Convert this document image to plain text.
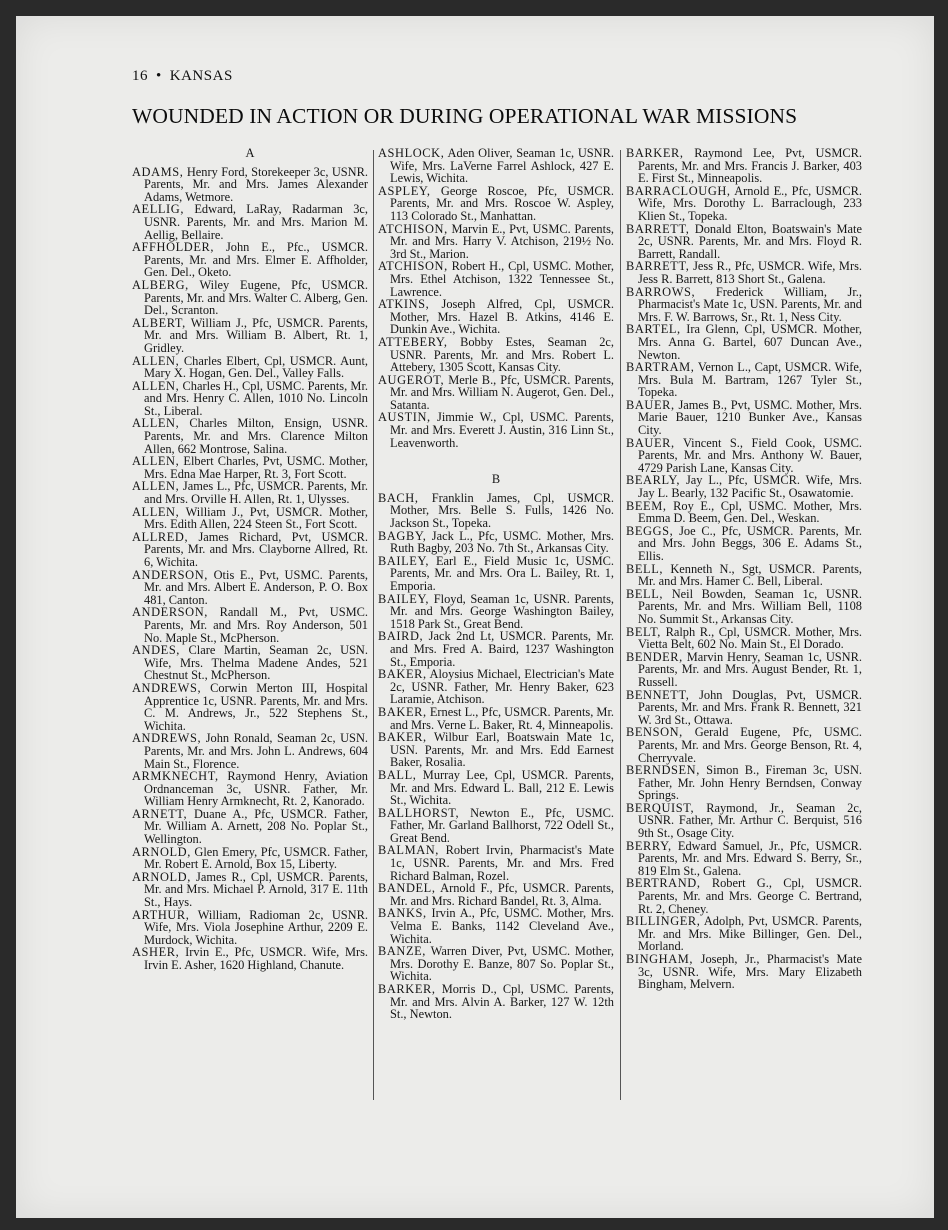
16 • KANSAS
WOUNDED IN ACTION OR DURING OPERATIONAL WAR MISSIONS
A

ADAMS, Henry Ford, Storekeeper 3c, USNR. Parents, Mr. and Mrs. James Alexander Adams, Wetmore.

AELLIG, Edward, LaRay, Radarman 3c, USNR. Parents, Mr. and Mrs. Marion M. Aellig, Bellaire.

AFFHOLDER, John E., Pfc., USMCR. Parents, Mr. and Mrs. Elmer E. Affholder, Gen. Del., Oketo.

ALBERG, Wiley Eugene, Pfc, USMCR. Parents, Mr. and Mrs. Walter C. Alberg, Gen. Del., Scranton.

ALBERT, William J., Pfc, USMCR. Parents, Mr. and Mrs. William B. Albert, Rt. 1, Gridley.

ALLEN, Charles Elbert, Cpl, USMCR. Aunt, Mary X. Hogan, Gen. Del., Valley Falls.

ALLEN, Charles H., Cpl, USMC. Parents, Mr. and Mrs. Henry C. Allen, 1010 No. Lincoln St., Liberal.

ALLEN, Charles Milton, Ensign, USNR. Parents, Mr. and Mrs. Clarence Milton Allen, 662 Montrose, Salina.

ALLEN, Elbert Charles, Pvt, USMC. Mother, Mrs. Edna Mae Harper, Rt. 3, Fort Scott.

ALLEN, James L., Pfc, USMCR. Parents, Mr. and Mrs. Orville H. Allen, Rt. 1, Ulysses.

ALLEN, William J., Pvt, USMCR. Mother, Mrs. Edith Allen, 224 Steen St., Fort Scott.

ALLRED, James Richard, Pvt, USMCR. Parents, Mr. and Mrs. Clayborne Allred, Rt. 6, Wichita.

ANDERSON, Otis E., Pvt, USMC. Parents, Mr. and Mrs. Albert E. Anderson, P. O. Box 481, Canton.

ANDERSON, Randall M., Pvt, USMC. Parents, Mr. and Mrs. Roy Anderson, 501 No. Maple St., McPherson.

ANDES, Clare Martin, Seaman 2c, USN. Wife, Mrs. Thelma Madene Andes, 521 Chestnut St., McPherson.

ANDREWS, Corwin Merton III, Hospital Apprentice 1c, USNR. Parents, Mr. and Mrs. C. M. Andrews, Jr., 522 Stephens St., Wichita.

ANDREWS, John Ronald, Seaman 2c, USN. Parents, Mr. and Mrs. John L. Andrews, 604 Main St., Florence.

ARMKNECHT, Raymond Henry, Aviation Ordnanceman 3c, USNR. Father, Mr. William Henry Armknecht, Rt. 2, Kanorado.

ARNETT, Duane A., Pfc, USMCR. Father, Mr. William A. Arnett, 208 No. Poplar St., Wellington.

ARNOLD, Glen Emery, Pfc, USMCR. Father, Mr. Robert E. Arnold, Box 15, Liberty.

ARNOLD, James R., Cpl, USMCR. Parents, Mr. and Mrs. Michael P. Arnold, 317 E. 11th St., Hays.

ARTHUR, William, Radioman 2c, USNR. Wife, Mrs. Viola Josephine Arthur, 2209 E. Murdock, Wichita.

ASHER, Irvin E., Pfc, USMCR. Wife, Mrs. Irvin E. Asher, 1620 Highland, Chanute.

ASHLOCK, Aden Oliver, Seaman 1c, USNR. Wife, Mrs. LaVerne Farrel Ashlock, 427 E. Lewis, Wichita.

ASPLEY, George Roscoe, Pfc, USMCR. Parents, Mr. and Mrs. Roscoe W. Aspley, 113 Colorado St., Manhattan.

ATCHISON, Marvin E., Pvt, USMC. Parents, Mr. and Mrs. Harry V. Atchison, 219½ No. 3rd St., Marion.

ATCHISON, Robert H., Cpl, USMC. Mother, Mrs. Ethel Atchison, 1322 Tennessee St., Lawrence.

ATKINS, Joseph Alfred, Cpl, USMCR. Mother, Mrs. Hazel B. Atkins, 4146 E. Dunkin Ave., Wichita.

ATTEBERY, Bobby Estes, Seaman 2c, USNR. Parents, Mr. and Mrs. Robert L. Attebery, 1305 Scott, Kansas City.

AUGEROT, Merle B., Pfc, USMCR. Parents, Mr. and Mrs. William N. Augerot, Gen. Del., Satanta.

AUSTIN, Jimmie W., Cpl, USMC. Parents, Mr. and Mrs. Everett J. Austin, 316 Linn St., Leavenworth.

B

BACH, Franklin James, Cpl, USMCR. Mother, Mrs. Belle S. Fulls, 1426 No. Jackson St., Topeka.

BAGBY, Jack L., Pfc, USMC. Mother, Mrs. Ruth Bagby, 203 No. 7th St., Arkansas City.

BAILEY, Earl E., Field Music 1c, USMC. Parents, Mr. and Mrs. Ora L. Bailey, Rt. 1, Emporia.

BAILEY, Floyd, Seaman 1c, USNR. Parents, Mr. and Mrs. George Washington Bailey, 1518 Park St., Great Bend.

BAIRD, Jack 2nd Lt, USMCR. Parents, Mr. and Mrs. Fred A. Baird, 1237 Washington St., Emporia.

BAKER, Aloysius Michael, Electrician's Mate 2c, USNR. Father, Mr. Henry Baker, 623 Laramie, Atchison.

BAKER, Ernest L., Pfc, USMCR. Parents, Mr. and Mrs. Verne L. Baker, Rt. 4, Minneapolis.

BAKER, Wilbur Earl, Boatswain Mate 1c, USN. Parents, Mr. and Mrs. Edd Earnest Baker, Rosalia.

BALL, Murray Lee, Cpl, USMCR. Parents, Mr. and Mrs. Edward L. Ball, 212 E. Lewis St., Wichita.

BALLHORST, Newton E., Pfc, USMC. Father, Mr. Garland Ballhorst, 722 Odell St., Great Bend.

BALMAN, Robert Irvin, Pharmacist's Mate 1c, USNR. Parents, Mr. and Mrs. Fred Richard Balman, Rozel.

BANDEL, Arnold F., Pfc, USMCR. Parents, Mr. and Mrs. Richard Bandel, Rt. 3, Alma.

BANKS, Irvin A., Pfc, USMC. Mother, Mrs. Velma E. Banks, 1142 Cleveland Ave., Wichita.

BANZE, Warren Diver, Pvt, USMC. Mother, Mrs. Dorothy E. Banze, 807 So. Poplar St., Wichita.

BARKER, Morris D., Cpl, USMC. Parents, Mr. and Mrs. Alvin A. Barker, 127 W. 12th St., Newton.

BARKER, Raymond Lee, Pvt, USMCR. Parents, Mr. and Mrs. Francis J. Barker, 403 E. First St., Minneapolis.

BARRACLOUGH, Arnold E., Pfc, USMCR. Wife, Mrs. Dorothy L. Barraclough, 233 Klien St., Topeka.

BARRETT, Donald Elton, Boatswain's Mate 2c, USNR. Parents, Mr. and Mrs. Floyd R. Barrett, Randall.

BARRETT, Jess R., Pfc, USMCR. Wife, Mrs. Jess R. Barrett, 813 Short St., Galena.

BARROWS, Frederick William, Jr., Pharmacist's Mate 1c, USN. Parents, Mr. and Mrs. F. W. Barrows, Sr., Rt. 1, Ness City.

BARTEL, Ira Glenn, Cpl, USMCR. Mother, Mrs. Anna G. Bartel, 607 Duncan Ave., Newton.

BARTRAM, Vernon L., Capt, USMCR. Wife, Mrs. Bula M. Bartram, 1267 Tyler St., Topeka.

BAUER, James B., Pvt, USMC. Mother, Mrs. Marie Bauer, 1210 Bunker Ave., Kansas City.

BAUER, Vincent S., Field Cook, USMC. Parents, Mr. and Mrs. Anthony W. Bauer, 4729 Parish Lane, Kansas City.

BEARLY, Jay L., Pfc, USMCR. Wife, Mrs. Jay L. Bearly, 132 Pacific St., Osawatomie.

BEEM, Roy E., Cpl, USMC. Mother, Mrs. Emma D. Beem, Gen. Del., Weskan.

BEGGS, Joe C., Pfc, USMCR. Parents, Mr. and Mrs. John Beggs, 306 E. Adams St., Ellis.

BELL, Kenneth N., Sgt, USMCR. Parents, Mr. and Mrs. Hamer C. Bell, Liberal.

BELL, Neil Bowden, Seaman 1c, USNR. Parents, Mr. and Mrs. William Bell, 1108 No. Summit St., Arkansas City.

BELT, Ralph R., Cpl, USMCR. Mother, Mrs. Vietta Belt, 602 No. Main St., El Dorado.

BENDER, Marvin Henry, Seaman 1c, USNR. Parents, Mr. and Mrs. August Bender, Rt. 1, Russell.

BENNETT, John Douglas, Pvt, USMCR. Parents, Mr. and Mrs. Frank R. Bennett, 321 W. 3rd St., Ottawa.

BENSON, Gerald Eugene, Pfc, USMC. Parents, Mr. and Mrs. George Benson, Rt. 4, Cherryvale.

BERNDSEN, Simon B., Fireman 3c, USN. Father, Mr. John Henry Berndsen, Conway Springs.

BERQUIST, Raymond, Jr., Seaman 2c, USNR. Father, Mr. Arthur C. Berquist, 516 9th St., Osage City.

BERRY, Edward Samuel, Jr., Pfc, USMCR. Parents, Mr. and Mrs. Edward S. Berry, Sr., 819 Elm St., Galena.

BERTRAND, Robert G., Cpl, USMCR. Parents, Mr. and Mrs. George C. Bertrand, Rt. 2, Cheney.

BILLINGER, Adolph, Pvt, USMCR. Parents, Mr. and Mrs. Mike Billinger, Gen. Del., Morland.

BINGHAM, Joseph, Jr., Pharmacist's Mate 3c, USNR. Wife, Mrs. Mary Elizabeth Bingham, Melvern.
